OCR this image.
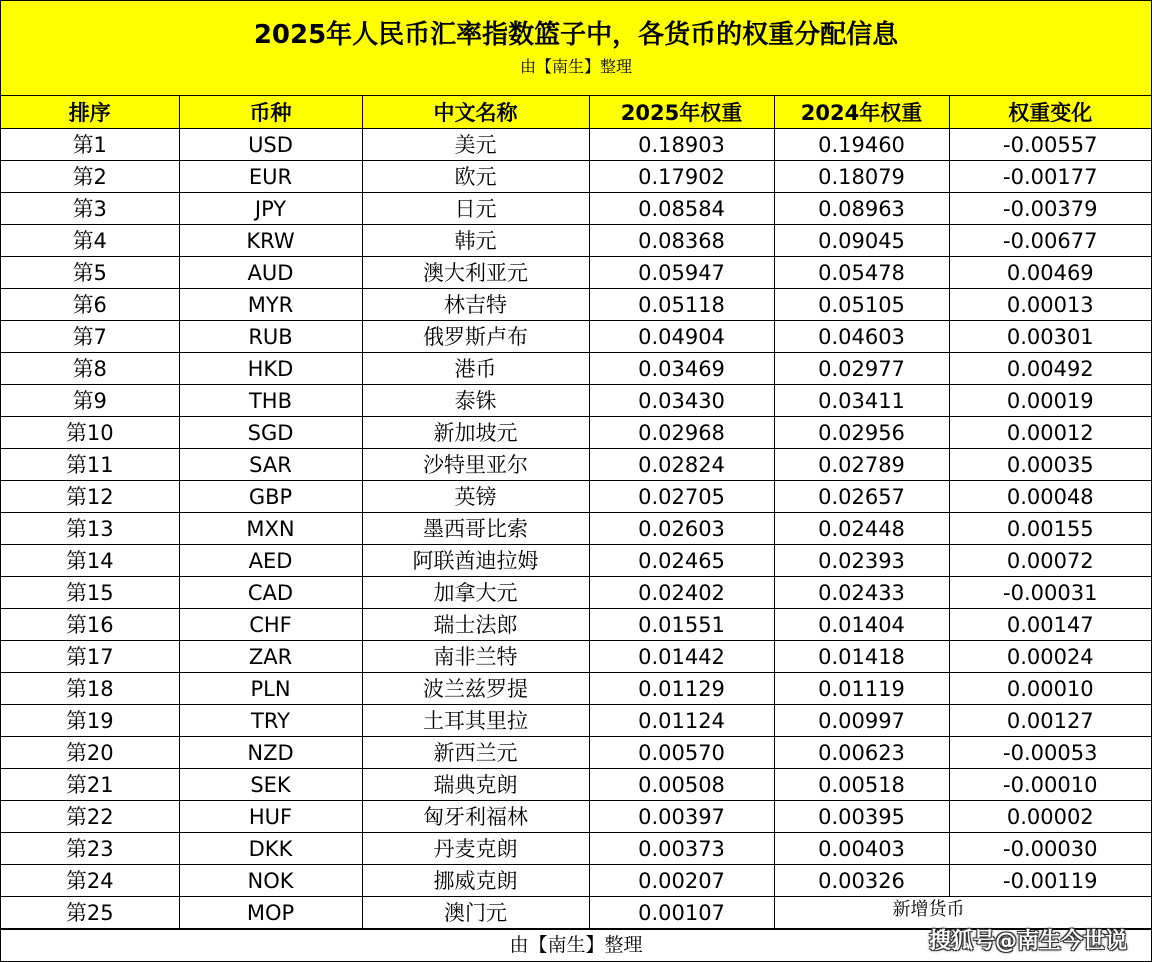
2025年人民币汇率指数篮子中，各货币的权重分配信息
由【南生】整理
排序	币种	中文名称	2025年权重	2024年权重	权重变化
第1	USD	美元	0.18903	0.19460	-0.00557
第2	EUR	欧元	0.17902	0.18079	-0.00177
第3	JPY	日元	0.08584	0.08963	-0.00379
第4	KRW	韩元	0.08368	0.09045	-0.00677
第5	AUD	澳大利亚元	0.05947	0.05478	0.00469
第6	MYR	林吉特	0.05118	0.05105	0.00013
第7	RUB	俄罗斯卢布	0.04904	0.04603	0.00301
第8	HKD	港币	0.03469	0.02977	0.00492
第9	THB	泰铢	0.03430	0.03411	0.00019
第10	SGD	新加坡元	0.02968	0.02956	0.00012
第11	SAR	沙特里亚尔	0.02824	0.02789	0.00035
第12	GBP	英镑	0.02705	0.02657	0.00048
第13	MXN	墨西哥比索	0.02603	0.02448	0.00155
第14	AED	阿联酋迪拉姆	0.02465	0.02393	0.00072
第15	CAD	加拿大元	0.02402	0.02433	-0.00031
第16	CHF	瑞士法郎	0.01551	0.01404	0.00147
第17	ZAR	南非兰特	0.01442	0.01418	0.00024
第18	PLN	波兰兹罗提	0.01129	0.01119	0.00010
第19	TRY	土耳其里拉	0.01124	0.00997	0.00127
第20	NZD	新西兰元	0.00570	0.00623	-0.00053
第21	SEK	瑞典克朗	0.00508	0.00518	-0.00010
第22	HUF	匈牙利福林	0.00397	0.00395	0.00002
第23	DKK	丹麦克朗	0.00373	0.00403	-0.00030
第24	NOK	挪威克朗	0.00207	0.00326	-0.00119
第25	MOP	澳门元	0.00107	新增货币	
由【南生】整理	搜狐号@南生今世说
